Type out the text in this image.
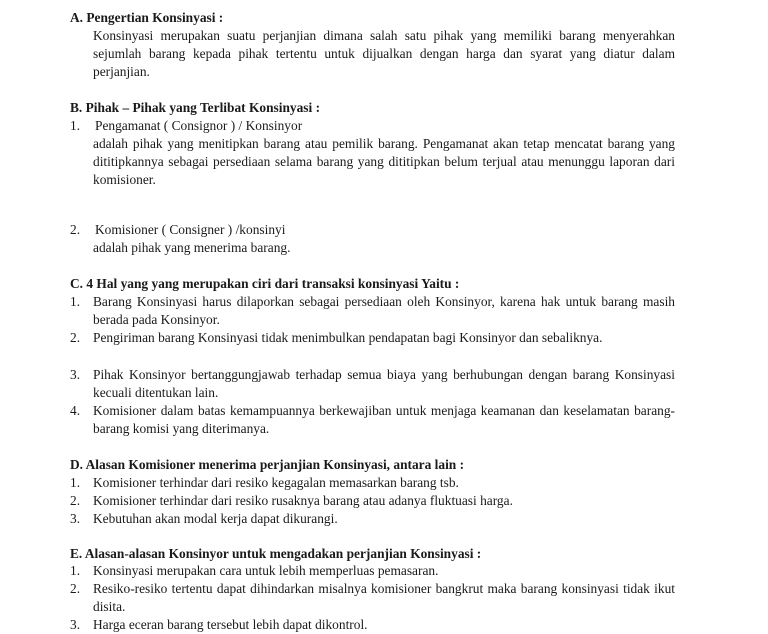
A. Pengertian Konsinyasi :
Konsinyasi merupakan suatu perjanjian dimana salah satu pihak yang memiliki barang menyerahkan sejumlah barang kepada pihak tertentu untuk dijualkan dengan harga dan syarat yang diatur dalam perjanjian.
B. Pihak – Pihak yang Terlibat Konsinyasi :
1. Pengamanat ( Consignor ) / Konsinyor
adalah pihak yang menitipkan barang atau pemilik barang. Pengamanat akan tetap mencatat barang yang dititipkannya sebagai persediaan selama barang yang dititipkan belum terjual atau menunggu laporan dari komisioner.
2. Komisioner ( Consigner ) /konsinyi
adalah pihak yang menerima barang.
C. 4 Hal yang yang merupakan ciri dari transaksi konsinyasi Yaitu :
1. Barang Konsinyasi harus dilaporkan sebagai persediaan oleh Konsinyor, karena hak untuk barang masih berada pada Konsinyor.
2. Pengiriman barang Konsinyasi tidak menimbulkan pendapatan bagi Konsinyor dan sebaliknya.
3. Pihak Konsinyor bertanggungjawab terhadap semua biaya yang berhubungan dengan barang Konsinyasi kecuali ditentukan lain.
4. Komisioner dalam batas kemampuannya berkewajiban untuk menjaga keamanan dan keselamatan barang-barang komisi yang diterimanya.
D. Alasan Komisioner menerima perjanjian Konsinyasi, antara lain :
1. Komisioner terhindar dari resiko kegagalan memasarkan barang tsb.
2. Komisioner terhindar dari resiko rusaknya barang atau adanya fluktuasi harga.
3. Kebutuhan akan modal kerja dapat dikurangi.
E. Alasan-alasan Konsinyor untuk mengadakan perjanjian Konsinyasi :
1. Konsinyasi merupakan cara untuk lebih memperluas pemasaran.
2. Resiko-resiko tertentu dapat dihindarkan misalnya komisioner bangkrut maka barang konsinyasi tidak ikut disita.
3. Harga eceran barang tersebut lebih dapat dikontrol.
